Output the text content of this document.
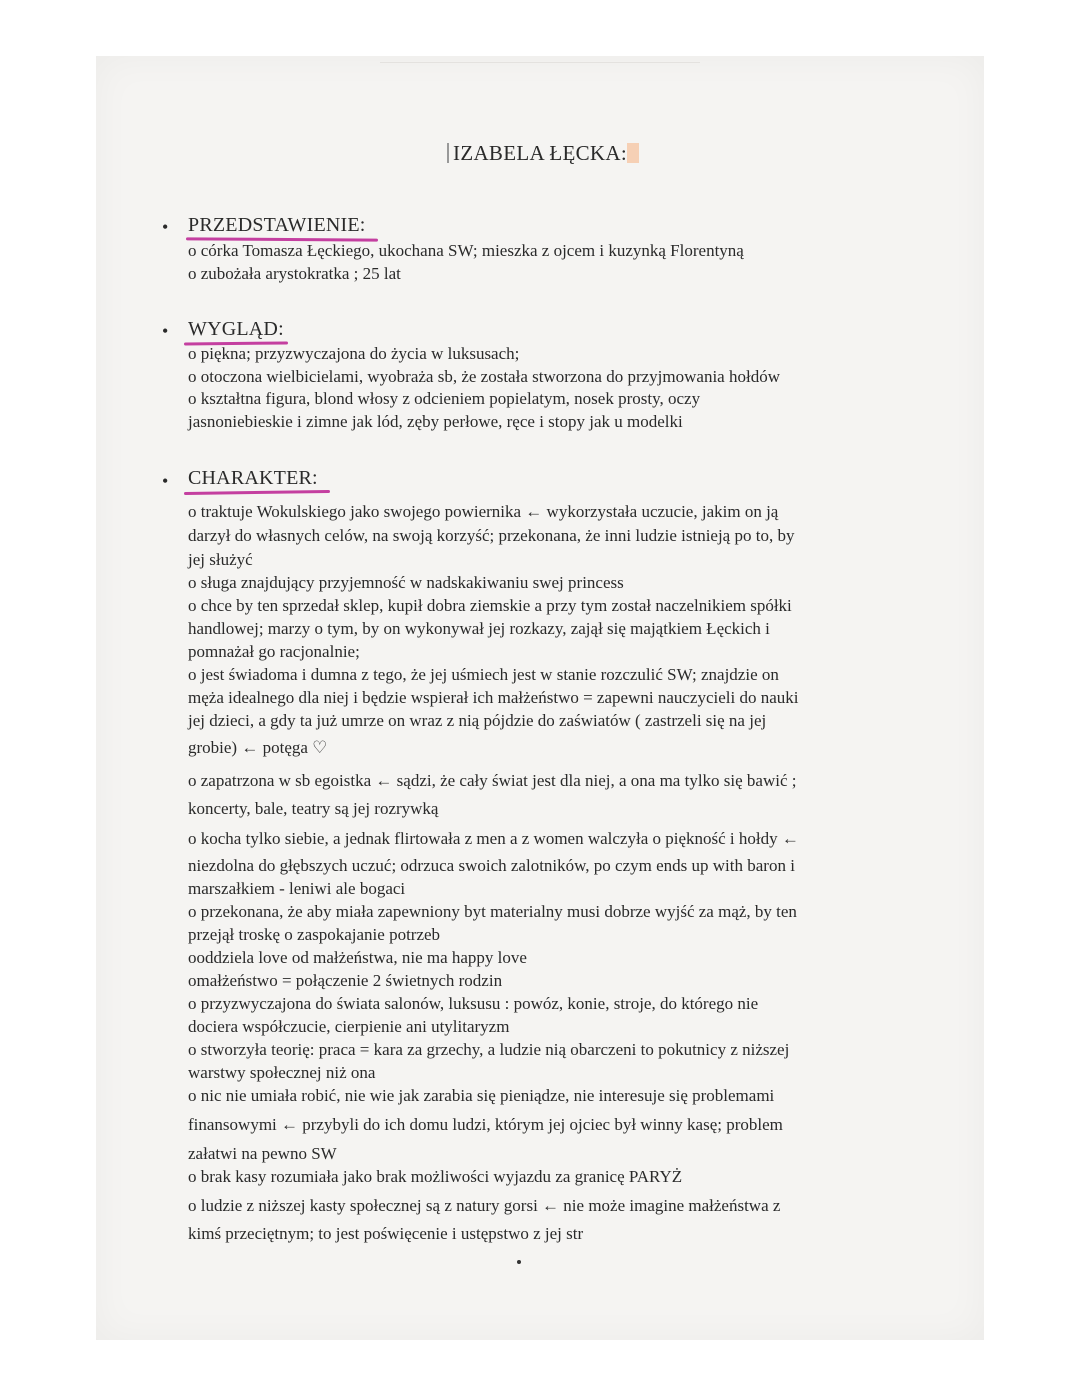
IZABELA ŁĘCKA:
• PRZEDSTAWIENIE:
o córka Tomasza Łęckiego, ukochana SW; mieszka z ojcem i kuzynką Florentyną
o zubożała arystokratka ; 25 lat
• WYGLĄD:
o piękna; przyzwyczajona do życia w luksusach;
o otoczona wielbicielami, wyobraża sb, że została stworzona do przyjmowania hołdów
o kształtna figura, blond włosy z odcieniem popielatym, nosek prosty, oczy
jasnoniebieskie i zimne jak lód, zęby perłowe, ręce i stopy jak u modelki
• CHARAKTER:
o traktuje Wokulskiego jako swojego powiernika ← wykorzystała uczucie, jakim on ją
darzył do własnych celów, na swoją korzyść; przekonana, że inni ludzie istnieją po to, by
jej służyć
o sługa znajdujący przyjemność w nadskakiwaniu swej princess
o chce by ten sprzedał sklep, kupił dobra ziemskie a przy tym został naczelnikiem spółki
handlowej; marzy o tym, by on wykonywał jej rozkazy, zajął się majątkiem Łęckich i
pomnażał go racjonalnie;
o jest świadoma i dumna z tego, że jej uśmiech jest w stanie rozczulić SW; znajdzie on
męża idealnego dla niej i będzie wspierał ich małżeństwo = zapewni nauczycieli do nauki
jej dzieci, a gdy ta już umrze on wraz z nią pójdzie do zaświatów ( zastrzeli się na jej
grobie) ← potęga ♡
o zapatrzona w sb egoistka ← sądzi, że cały świat jest dla niej, a ona ma tylko się bawić ;
koncerty, bale, teatry są jej rozrywką
o kocha tylko siebie, a jednak flirtowała z men a z women walczyła o piękność i hołdy ←
niezdolna do głębszych uczuć; odrzuca swoich zalotników, po czym ends up with baron i
marszałkiem - leniwi ale bogaci
o przekonana, że aby miała zapewniony byt materialny musi dobrze wyjść za mąż, by ten
przejął troskę o zaspokajanie potrzeb
ooddziela love od małżeństwa, nie ma happy love
omałżeństwo = połączenie 2 świetnych rodzin
o przyzwyczajona do świata salonów, luksusu : powóz, konie, stroje, do którego nie
dociera współczucie, cierpienie ani utylitaryzm
o stworzyła teorię: praca = kara za grzechy, a ludzie nią obarczeni to pokutnicy z niższej
warstwy społecznej niż ona
o nic nie umiała robić, nie wie jak zarabia się pieniądze, nie interesuje się problemami
finansowymi ← przybyli do ich domu ludzi, którym jej ojciec był winny kasę; problem
załatwi na pewno SW
o brak kasy rozumiała jako brak możliwości wyjazdu za granicę PARYŻ
o ludzie z niższej kasty społecznej są z natury gorsi ← nie może imagine małżeństwa z
kimś przeciętnym; to jest poświęcenie i ustępstwo z jej str
